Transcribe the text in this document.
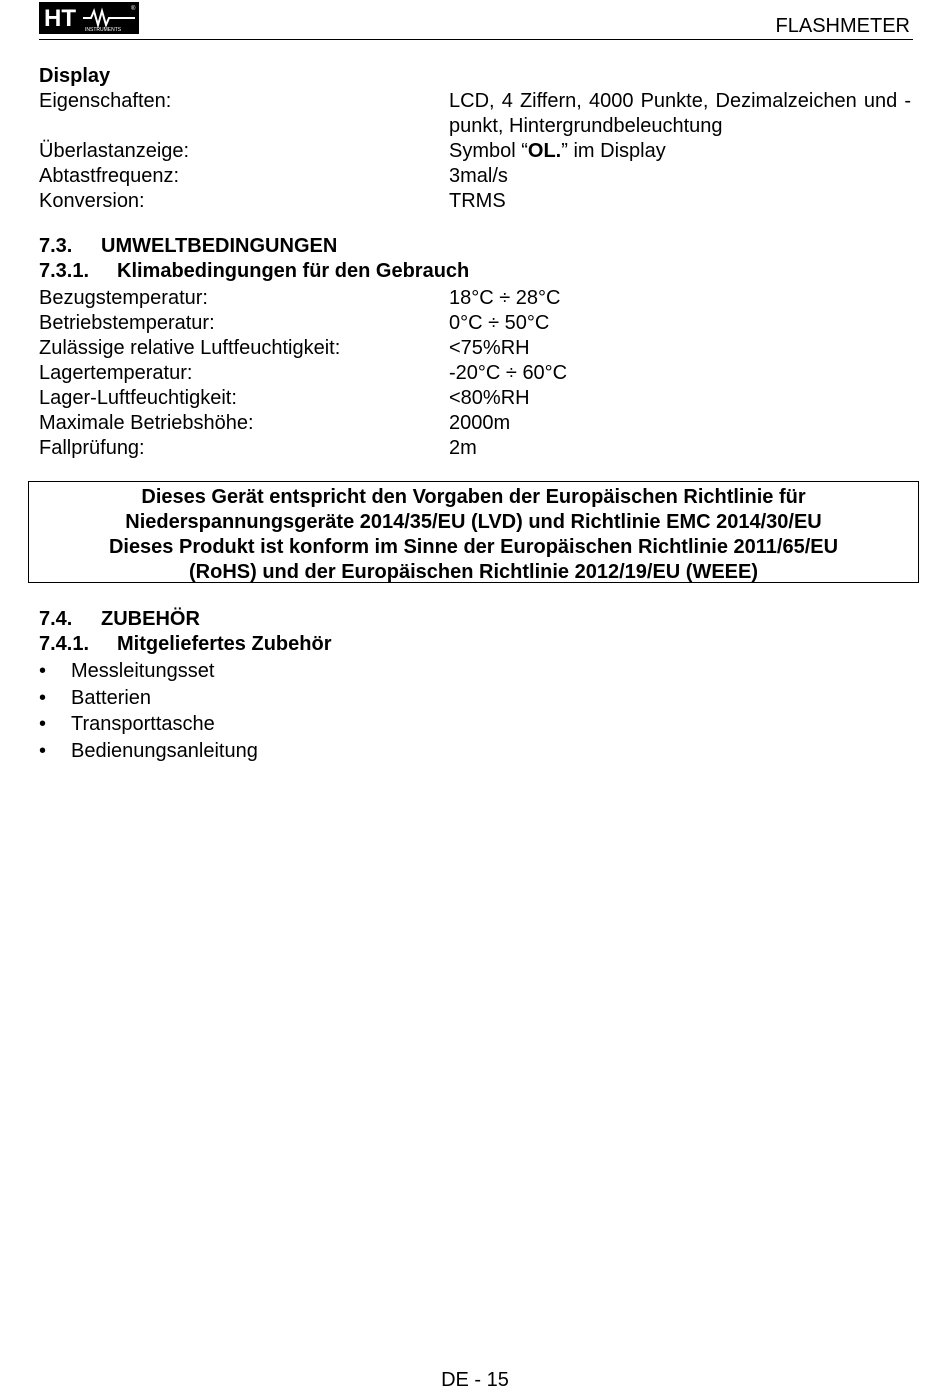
HT	®
INSTRUMENTS	FLASHMETER
Display
Eigenschaften:	LCD, 4 Ziffern, 4000 Punkte, Dezimalzeichen und -punkt, Hintergrundbeleuchtung
Überlastanzeige:	Symbol “OL.” im Display
Abtastfrequenz:	3mal/s
Konversion:	TRMS
7.3. UMWELTBEDINGUNGEN
7.3.1. Klimabedingungen für den Gebrauch
Bezugstemperatur:	18°C ÷ 28°C
Betriebstemperatur:	0°C ÷ 50°C
Zulässige relative Luftfeuchtigkeit:	<75%RH
Lagertemperatur:	-20°C ÷ 60°C
Lager-Luftfeuchtigkeit:	<80%RH
Maximale Betriebshöhe:	2000m
Fallprüfung:	2m
Dieses Gerät entspricht den Vorgaben der Europäischen Richtlinie für
Niederspannungsgeräte 2014/35/EU (LVD) und Richtlinie EMC 2014/30/EU
Dieses Produkt ist konform im Sinne der Europäischen Richtlinie 2011/65/EU
(RoHS) und der Europäischen Richtlinie 2012/19/EU (WEEE)
7.4. ZUBEHÖR
7.4.1. Mitgeliefertes Zubehör
• Messleitungsset
• Batterien
• Transporttasche
• Bedienungsanleitung
DE - 15
